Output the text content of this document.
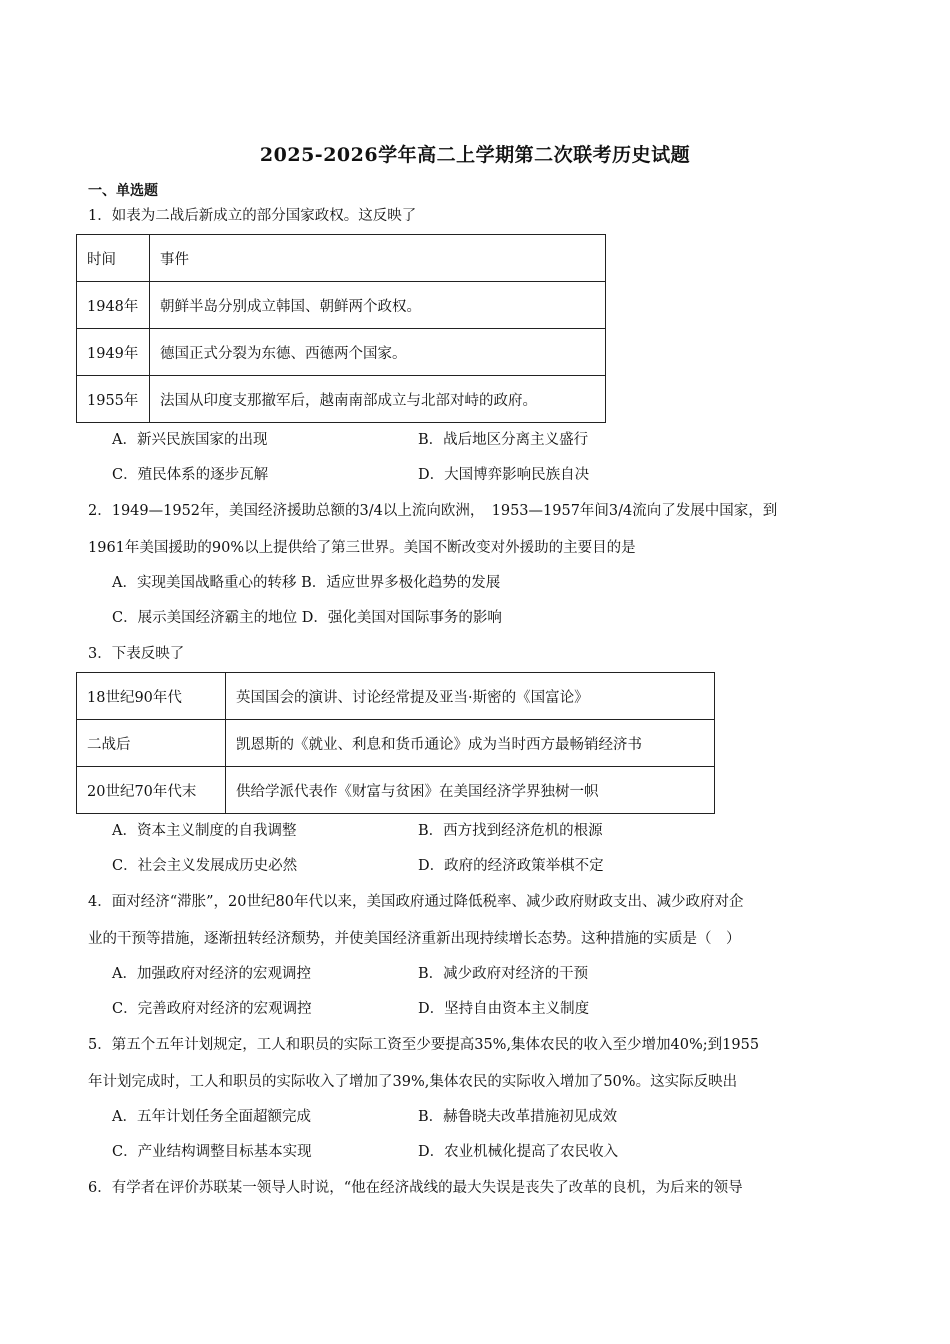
2025-2026学年高二上学期第二次联考历史试题
一、单选题
1．如表为二战后新成立的部分国家政权。这反映了
时间	事件
1948年	朝鲜半岛分别成立韩国、朝鲜两个政权。
1949年	德国正式分裂为东德、西德两个国家。
1955年	法国从印度支那撤军后，越南南部成立与北部对峙的政府。
A．新兴民族国家的出现	B．战后地区分离主义盛行
C．殖民体系的逐步瓦解	D．大国博弈影响民族自决
2．1949—1952年，美国经济援助总额的3/4以上流向欧洲，　1953—1957年间3/4流向了发展中国家，到
1961年美国援助的90%以上提供给了第三世界。美国不断改变对外援助的主要目的是
A．实现美国战略重心的转移 B．适应世界多极化趋势的发展
C．展示美国经济霸主的地位 D．强化美国对国际事务的影响
3．下表反映了
18世纪90年代	英国国会的演讲、讨论经常提及亚当·斯密的《国富论》
二战后	凯恩斯的《就业、利息和货币通论》成为当时西方最畅销经济书
20世纪70年代末	供给学派代表作《财富与贫困》在美国经济学界独树一帜
A．资本主义制度的自我调整	B．西方找到经济危机的根源
C．社会主义发展成历史必然	D．政府的经济政策举棋不定
4．面对经济“滞胀”，20世纪80年代以来，美国政府通过降低税率、减少政府财政支出、减少政府对企
业的干预等措施，逐渐扭转经济颓势，并使美国经济重新出现持续增长态势。这种措施的实质是（　）
A．加强政府对经济的宏观调控	B．减少政府对经济的干预
C．完善政府对经济的宏观调控	D．坚持自由资本主义制度
5．第五个五年计划规定，工人和职员的实际工资至少要提高35%,集体农民的收入至少增加40%;到1955
年计划完成时，工人和职员的实际收入了增加了39%,集体农民的实际收入增加了50%。这实际反映出
A．五年计划任务全面超额完成	B．赫鲁晓夫改革措施初见成效
C．产业结构调整目标基本实现	D．农业机械化提高了农民收入
6．有学者在评价苏联某一领导人时说，“他在经济战线的最大失误是丧失了改革的良机，为后来的领导
